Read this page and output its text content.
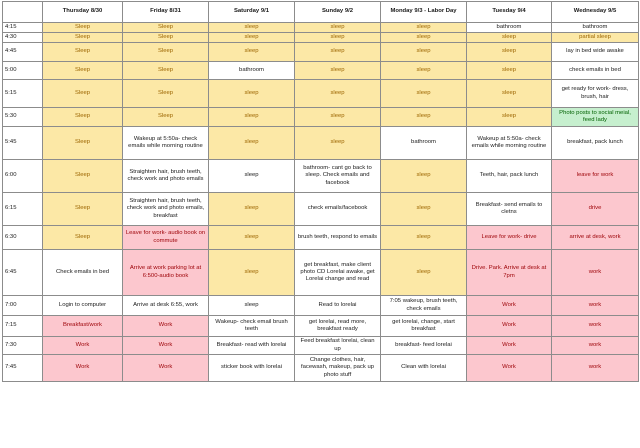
	Thursday 8/30	Friday 8/31	Saturday 9/1	Sunday 9/2	Monday 9/3 - Labor Day	Tuesday 9/4	Wednesday 9/5
4:15	Sleep	Sleep	sleep	sleep	sleep	bathroom	bathroom
4:30	Sleep	Sleep	sleep	sleep	sleep	sleep	partial sleep
4:45	Sleep	Sleep	sleep	sleep	sleep	sleep	lay in bed wide awake
5:00	Sleep	Sleep	bathroom	sleep	sleep	sleep	check emails in bed
5:15	Sleep	Sleep	sleep	sleep	sleep	sleep	get ready for work- dress, brush, hair
5:30	Sleep	Sleep	sleep	sleep	sleep	sleep	Photo posts to social meial, feed lady
5:45	Sleep	Wakeup at 5:50a- check emails while morning routine	sleep	sleep	bathroom	Wakeup at 5:50a- check emails while morning routine	breakfast, pack lunch
6:00	Sleep	Straighten hair, brush teeth, check work and photo emails	sleep	bathroom- cant go back to sleep. Check emails and facebook	sleep	Teeth, hair, pack lunch	leave for work
6:15	Sleep	Straighten hair, brush teeth, check work and photo emails, breakfast	sleep	check emails/facebook	sleep	Breakfast- send emails to cletns	drive
6:30	Sleep	Leave for work- audio book on commute	sleep	brush teeth, respond to emails	sleep	Leave for work- drive	arrive at desk, work
6:45	Check emails in bed	Arrive at work parking lot at 6:500-audio book	sleep	get breakfast, make client photo CD Lorelai awake, get Lorelai change and read	sleep	Drive. Park. Arrive at desk at 7pm	work
7:00	Login to computer	Arrive at desk 6:55, work	sleep	Read to lorelai	7:05 wakeup, brush teeth, check emails	Work	work
7:15	Breakfast/work	Work	Wakeup- check email brush teeth	get lorelai, read more, breakfast ready	get lorelai, change, start breakfast	Work	work
7:30	Work	Work	Breakfast- read with lorelai	Feed breakfast lorelai, clean up	breakfast- feed lorelai	Work	work
7:45	Work	Work	sticker book with lorelai	Change clothes, hair, facewash, makeup, pack up photo stuff	Clean with lorelai	Work	work
